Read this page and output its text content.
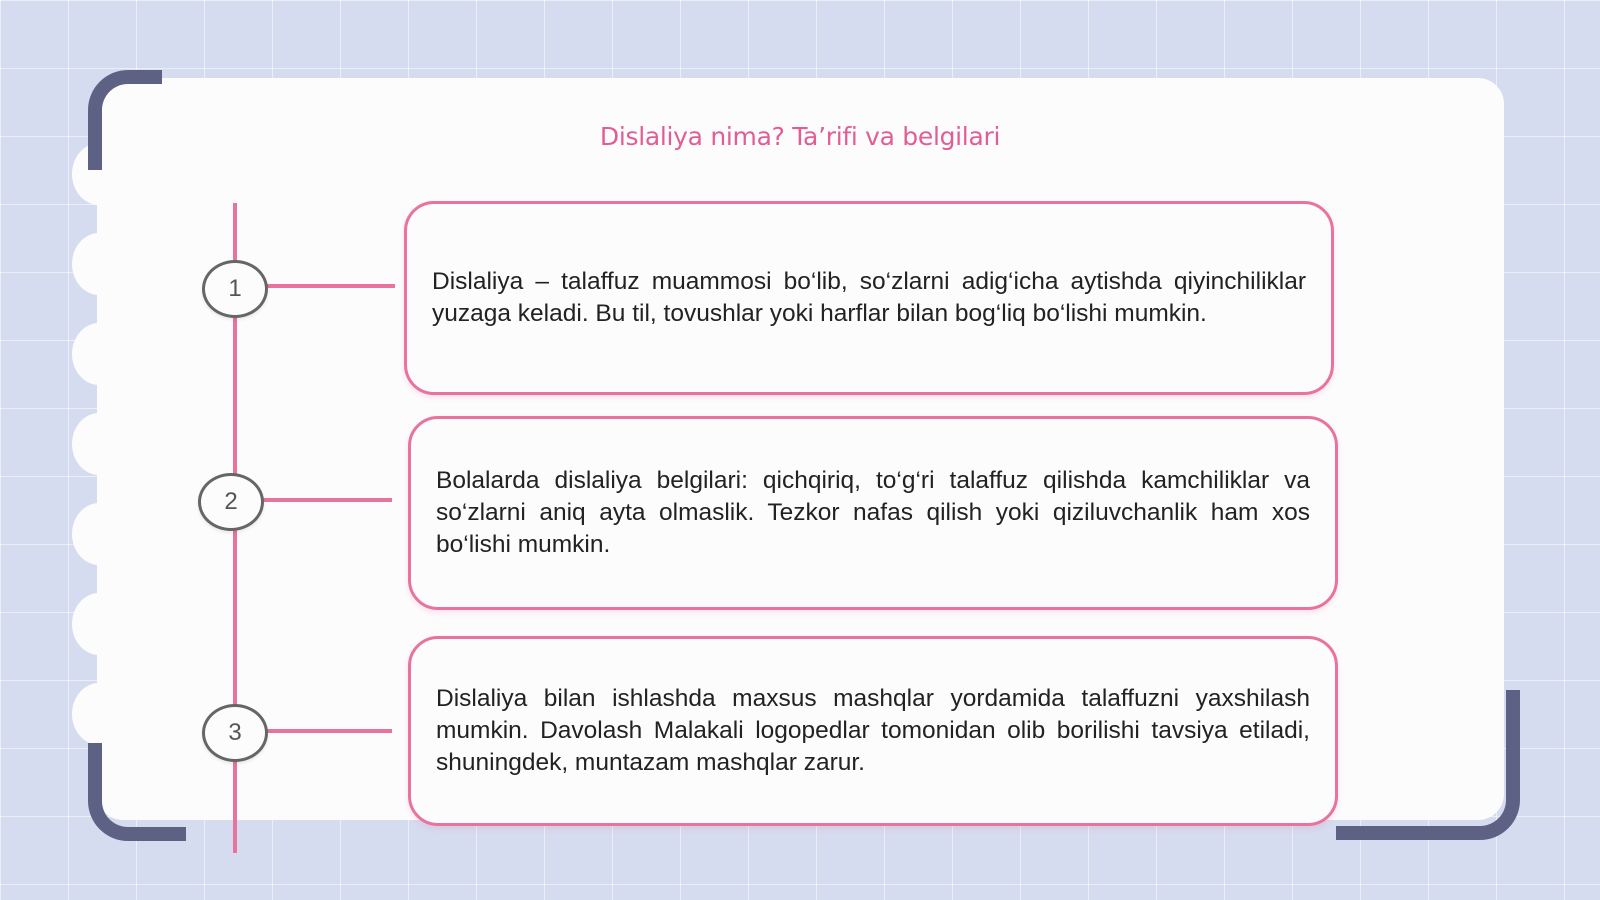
Dislaliya nima? Ta’rifi va belgilari
1
2
3

Dislaliya – talaffuz muammosi bo‘lib, so‘zlarni adig‘icha aytishda qiyinchiliklar yuzaga keladi. Bu til, tovushlar yoki harflar bilan bog‘liq bo‘lishi mumkin.

Bolalarda dislaliya belgilari: qichqiriq, to‘g‘ri talaffuz qilishda kamchiliklar va so‘zlarni aniq ayta olmaslik. Tezkor nafas qilish yoki qiziluvchanlik ham xos bo‘lishi mumkin.

Dislaliya bilan ishlashda maxsus mashqlar yordamida talaffuzni yaxshilash mumkin. Davolash Malakali logopedlar tomonidan olib borilishi tavsiya etiladi, shuningdek, muntazam mashqlar zarur.
